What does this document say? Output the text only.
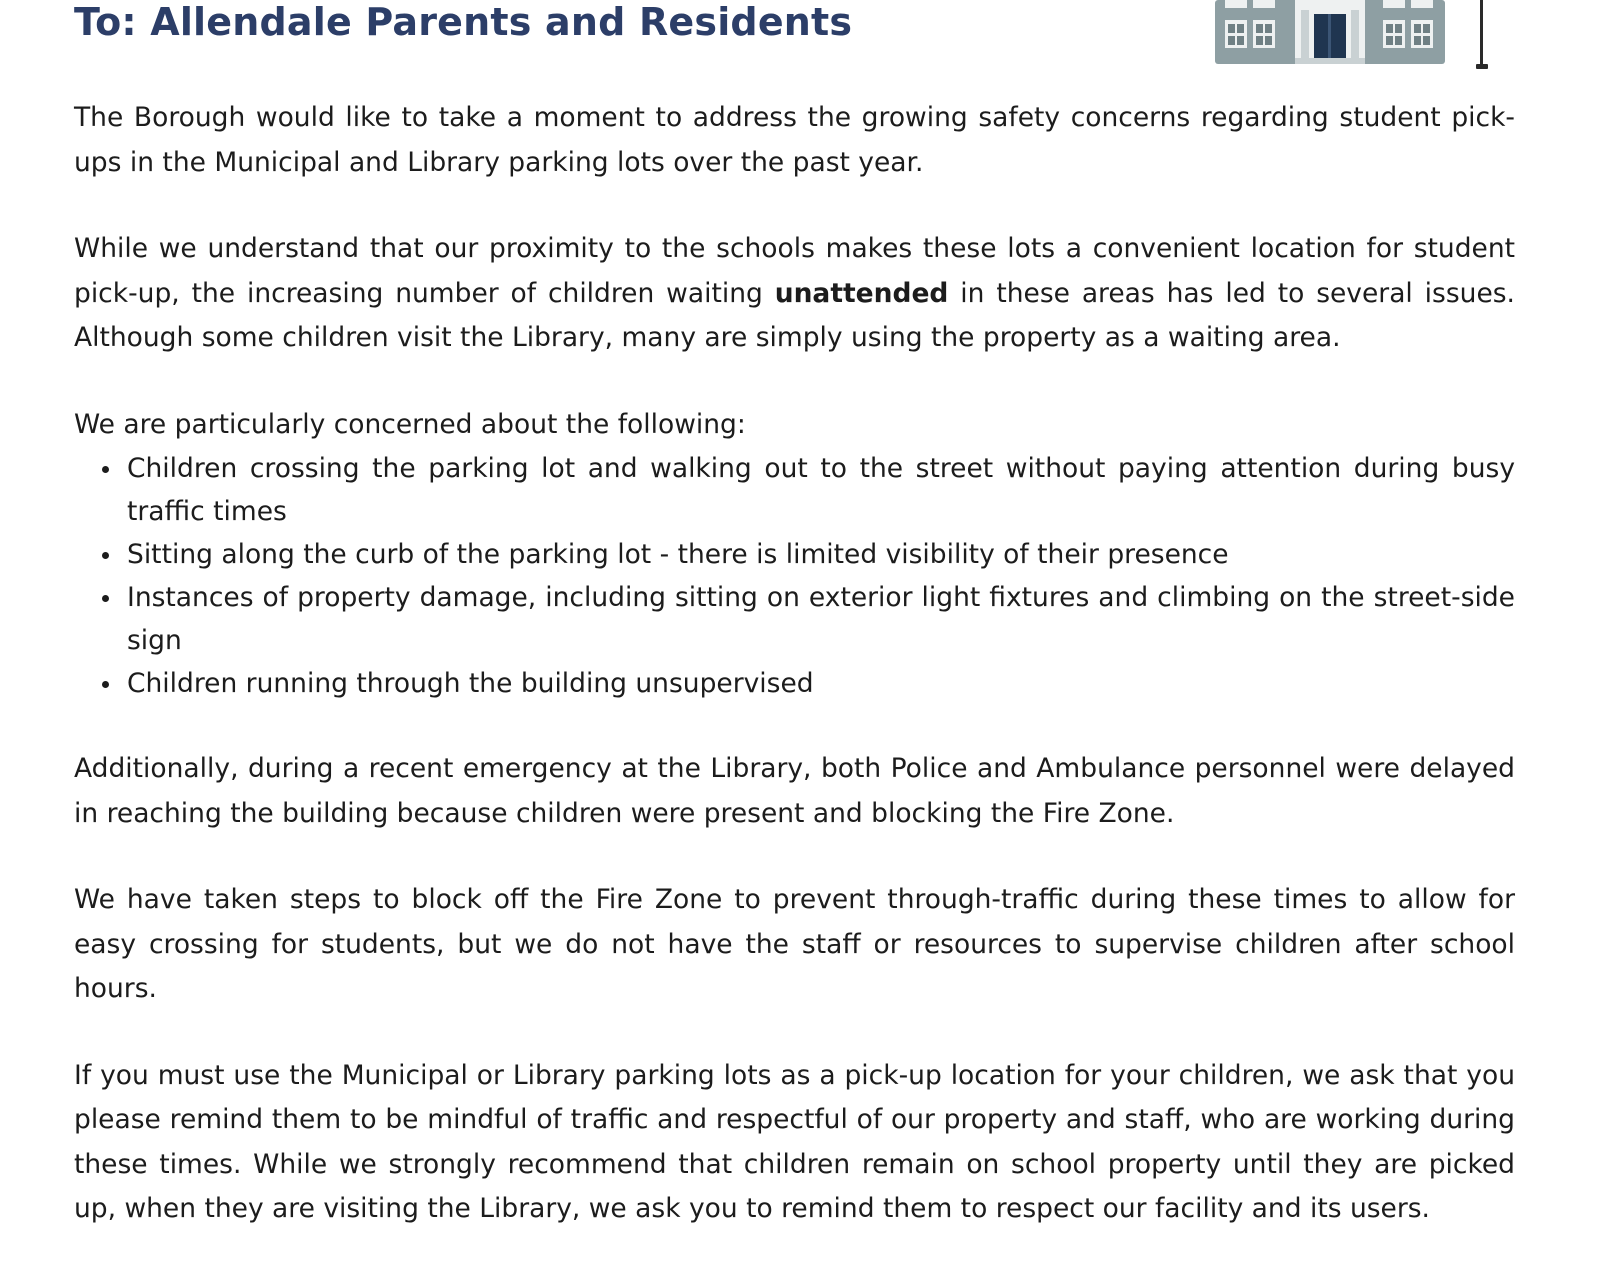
To: Allendale Parents and Residents

The Borough would like to take a moment to address the growing safety concerns regarding student pick-ups in the Municipal and Library parking lots over the past year.

While we understand that our proximity to the schools makes these lots a convenient location for student pick-up, the increasing number of children waiting unattended in these areas has led to several issues. Although some children visit the Library, many are simply using the property as a waiting area.

We are particularly concerned about the following:

Children crossing the parking lot and walking out to the street without paying attention during busy traffic times
Sitting along the curb of the parking lot - there is limited visibility of their presence
Instances of property damage, including sitting on exterior light fixtures and climbing on the street-side sign
Children running through the building unsupervised

Additionally, during a recent emergency at the Library, both Police and Ambulance personnel were delayed in reaching the building because children were present and blocking the Fire Zone.

We have taken steps to block off the Fire Zone to prevent through-traffic during these times to allow for easy crossing for students, but we do not have the staff or resources to supervise children after school hours.

If you must use the Municipal or Library parking lots as a pick-up location for your children, we ask that you please remind them to be mindful of traffic and respectful of our property and staff, who are working during these times. While we strongly recommend that children remain on school property until they are picked up, when they are visiting the Library, we ask you to remind them to respect our facility and its users.
